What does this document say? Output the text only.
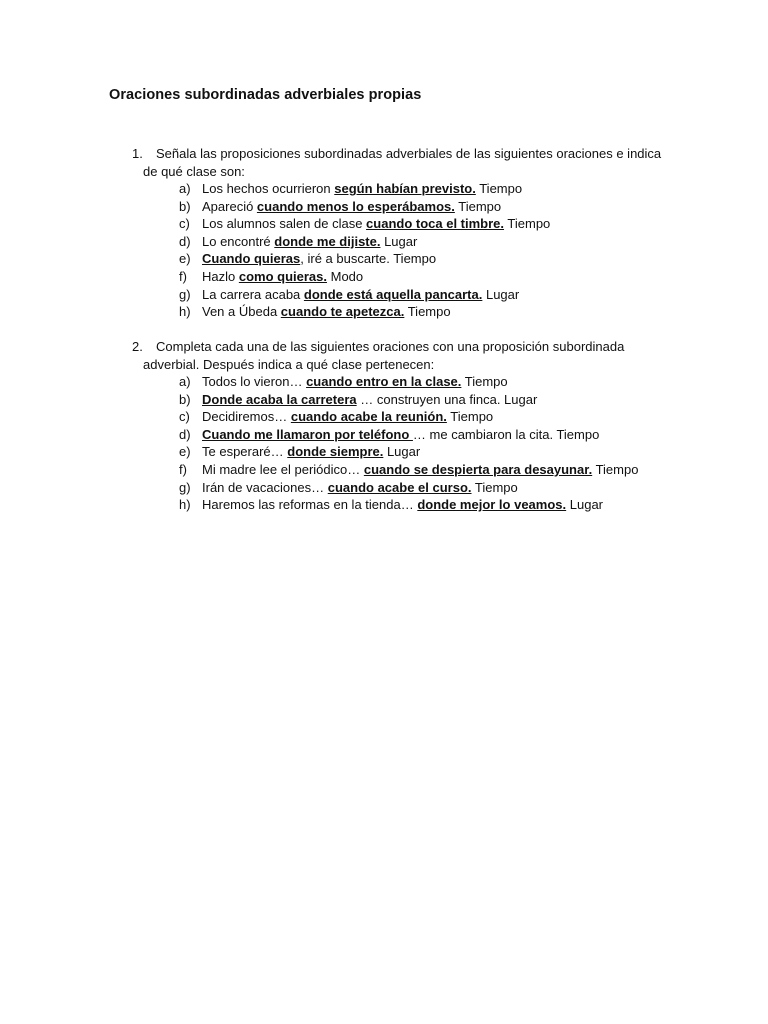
Oraciones subordinadas adverbiales propias
1. Señala las proposiciones subordinadas adverbiales de las siguientes oraciones e indica
de qué clase son:
a) Los hechos ocurrieron según habían previsto. Tiempo
b) Apareció cuando menos lo esperábamos. Tiempo
c) Los alumnos salen de clase cuando toca el timbre. Tiempo
d) Lo encontré donde me dijiste. Lugar
e) Cuando quieras, iré a buscarte. Tiempo
f) Hazlo como quieras. Modo
g) La carrera acaba donde está aquella pancarta. Lugar
h) Ven a Úbeda cuando te apetezca. Tiempo
2. Completa cada una de las siguientes oraciones con una proposición subordinada
adverbial. Después indica a qué clase pertenecen:
a) Todos lo vieron… cuando entro en la clase. Tiempo
b) Donde acaba la carretera … construyen una finca. Lugar
c) Decidiremos… cuando acabe la reunión. Tiempo
d) Cuando me llamaron por teléfono … me cambiaron la cita. Tiempo
e) Te esperaré… donde siempre. Lugar
f) Mi madre lee el periódico… cuando se despierta para desayunar. Tiempo
g) Irán de vacaciones… cuando acabe el curso. Tiempo
h) Haremos las reformas en la tienda… donde mejor lo veamos. Lugar
